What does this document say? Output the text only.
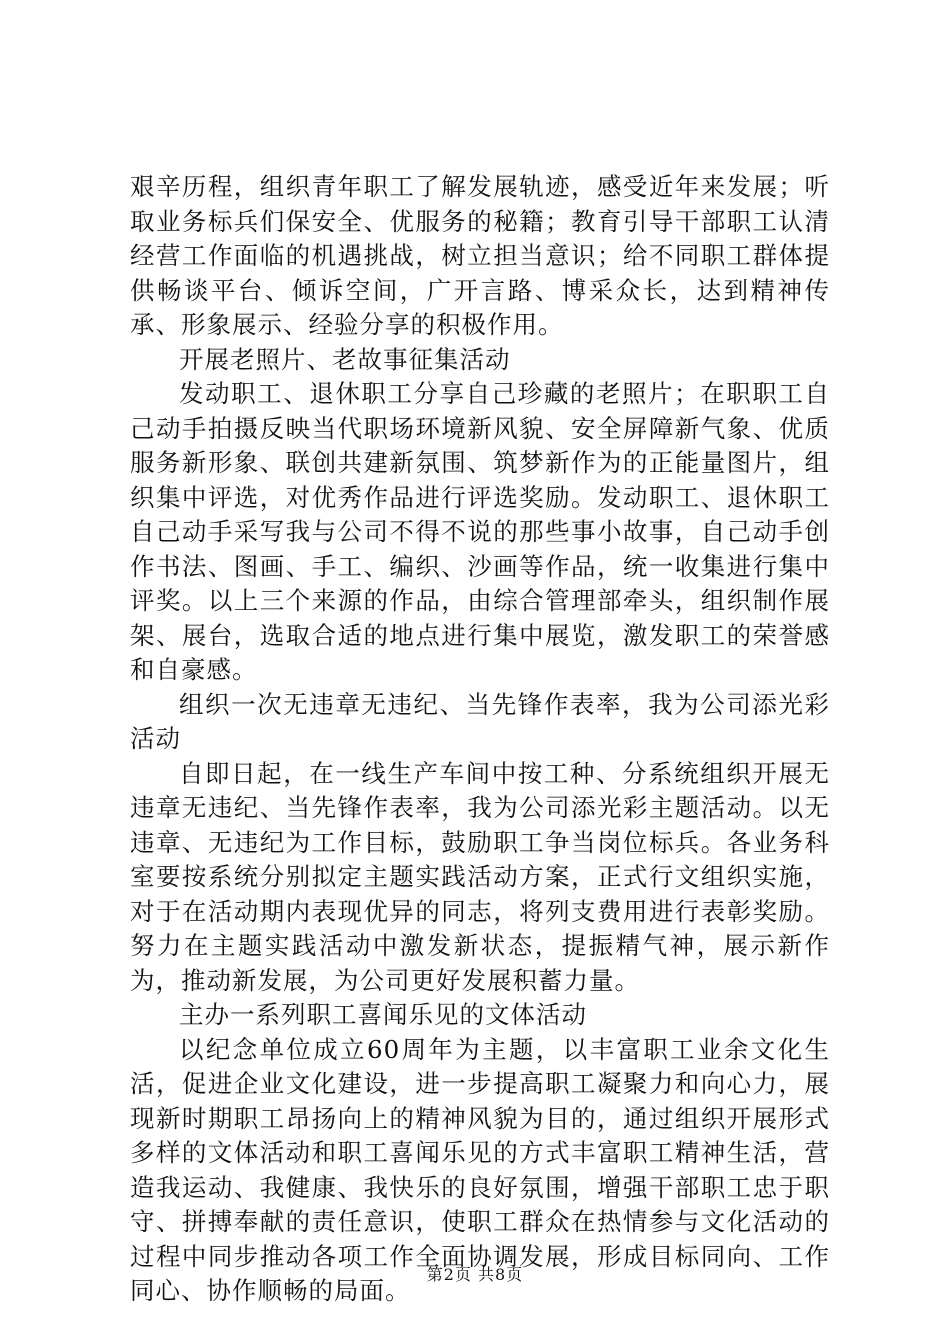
艰辛历程，组织青年职工了解发展轨迹，感受近年来发展；听取业务标兵们保安全、优服务的秘籍；教育引导干部职工认清经营工作面临的机遇挑战，树立担当意识；给不同职工群体提供畅谈平台、倾诉空间，广开言路、博采众长，达到精神传承、形象展示、经验分享的积极作用。

开展老照片、老故事征集活动

发动职工、退休职工分享自己珍藏的老照片；在职职工自己动手拍摄反映当代职场环境新风貌、安全屏障新气象、优质服务新形象、联创共建新氛围、筑梦新作为的正能量图片，组织集中评选，对优秀作品进行评选奖励。发动职工、退休职工自己动手采写我与公司不得不说的那些事小故事，自己动手创作书法、图画、手工、编织、沙画等作品，统一收集进行集中评奖。以上三个来源的作品，由综合管理部牵头，组织制作展架、展台，选取合适的地点进行集中展览，激发职工的荣誉感和自豪感。

组织一次无违章无违纪、当先锋作表率，我为公司添光彩活动

自即日起，在一线生产车间中按工种、分系统组织开展无违章无违纪、当先锋作表率，我为公司添光彩主题活动。以无违章、无违纪为工作目标，鼓励职工争当岗位标兵。各业务科室要按系统分别拟定主题实践活动方案，正式行文组织实施，对于在活动期内表现优异的同志，将列支费用进行表彰奖励。努力在主题实践活动中激发新状态，提振精气神，展示新作为，推动新发展，为公司更好发展积蓄力量。

主办一系列职工喜闻乐见的文体活动

以纪念单位成立60周年为主题，以丰富职工业余文化生活，促进企业文化建设，进一步提高职工凝聚力和向心力，展现新时期职工昂扬向上的精神风貌为目的，通过组织开展形式多样的文体活动和职工喜闻乐见的方式丰富职工精神生活，营造我运动、我健康、我快乐的良好氛围，增强干部职工忠于职守、拼搏奉献的责任意识，使职工群众在热情参与文化活动的过程中同步推动各项工作全面协调发展，形成目标同向、工作同心、协作顺畅的局面。

第2页 共8页
